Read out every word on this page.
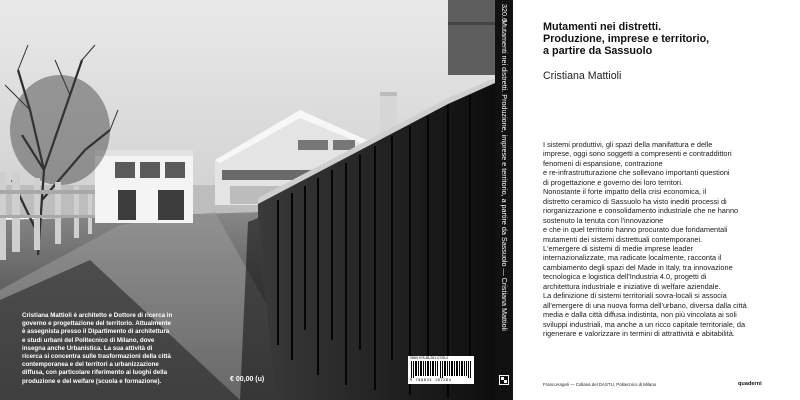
Cristiana Mattioli è architetto e Dottore di ricerca in
governo e progettazione del territorio. Attualmente
è assegnista presso il Dipartimento di architettura
e studi urbani del Politecnico di Milano, dove
insegna anche Urbanistica. La sua attività di
ricerca si concentra sulle trasformazioni della città
contemporanea e del territori a urbanizzazione
diffusa, con particolare riferimento ai luoghi della
produzione e del welfare (scuola e formazione).	€ 00,00 (u)
ISBN 978-88-351-0728-4
9 788835 107284
320.6
Mutamenti nei distretti. Produzione, imprese e territorio, a partire da Sassuolo — Cristiana Mattioli	Mutamenti nei distretti.
Produzione, imprese e territorio,
a partire da Sassuolo
Cristiana Mattioli

I sistemi produttivi, gli spazi della manifattura e delle
imprese, oggi sono soggetti a compresenti e contraddittori
fenomeni di espansione, contrazione
e re-infrastrutturazione che sollevano importanti questioni
di progettazione e governo dei loro territori.
Nonostante il forte impatto della crisi economica, il
distretto ceramico di Sassuolo ha visto inediti processi di
riorganizzazione e consolidamento industriale che ne hanno
sostenuto la tenuta con l'innovazione
e che in quel territorio hanno procurato due fondamentali
mutamenti dei sistemi distrettuali contemporanei.
L'emergere di sistemi di medie imprese leader
internazionalizzate, ma radicate localmente, racconta il
cambiamento degli spazi del Made in Italy, tra innovazione
tecnologica e logistica dell'Industria 4.0, progetti di
architettura industriale e iniziative di welfare aziendale.
La definizione di sistemi territoriali sovra-locali si associa
all'emergere di una nuova forma dell'urbano, diversa dalla città
media e dalla città diffusa indistinta, non più vincolata ai soli
sviluppi industriali, ma anche a un ricco capitale territoriale, da
rigenerare e valorizzare in termini di attrattività e abitabilità.

FrancoAngeli — Collana del DASTU, Politecnico di Milano	quaderni
